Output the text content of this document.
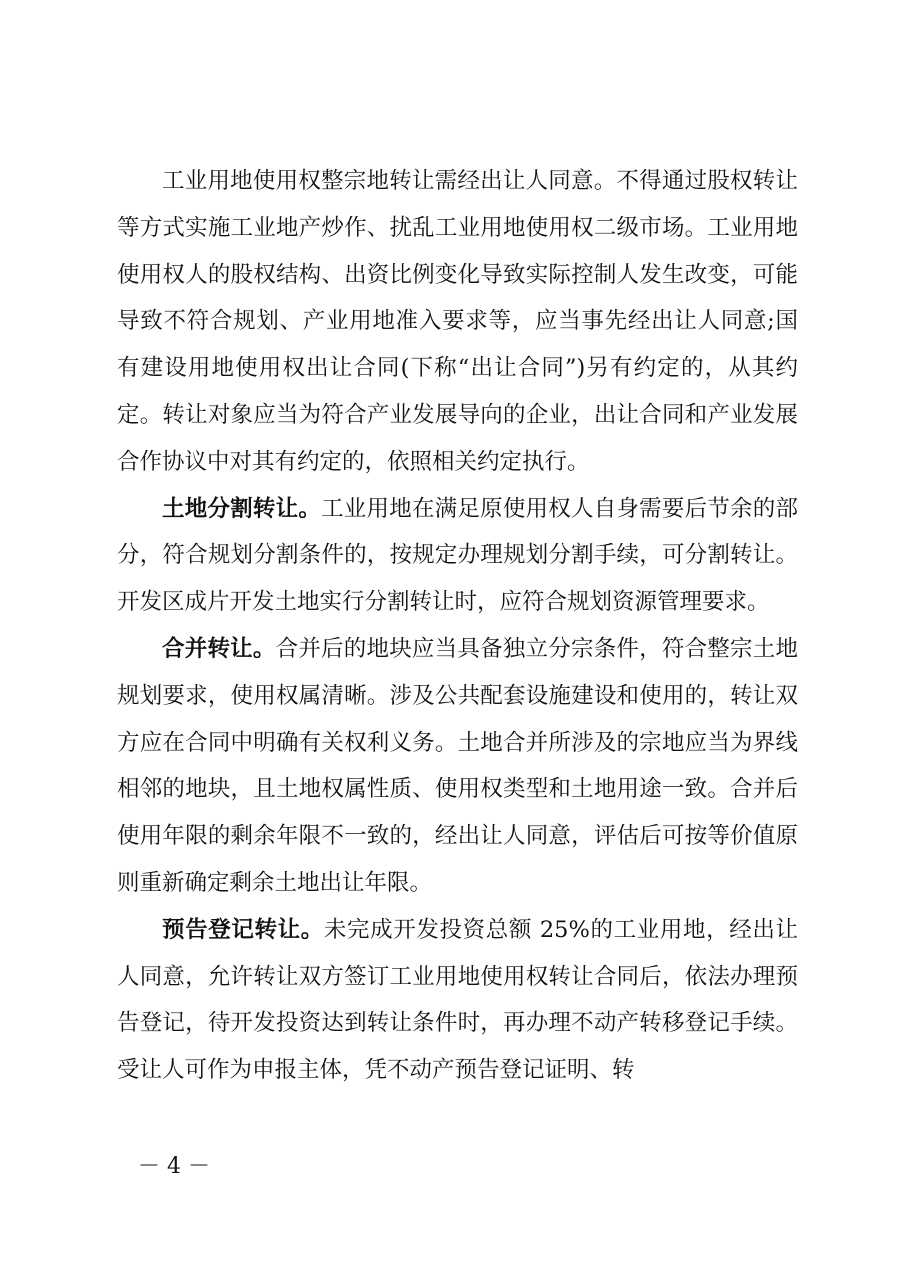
工业用地使用权整宗地转让需经出让人同意。不得通过股权转让等方式实施工业地产炒作、扰乱工业用地使用权二级市场。工业用地使用权人的股权结构、出资比例变化导致实际控制人发生改变，可能导致不符合规划、产业用地准入要求等，应当事先经出让人同意;国有建设用地使用权出让合同(下称“出让合同”)另有约定的，从其约定。转让对象应当为符合产业发展导向的企业，出让合同和产业发展合作协议中对其有约定的，依照相关约定执行。

土地分割转让。工业用地在满足原使用权人自身需要后节余的部分，符合规划分割条件的，按规定办理规划分割手续，可分割转让。开发区成片开发土地实行分割转让时，应符合规划资源管理要求。

合并转让。合并后的地块应当具备独立分宗条件，符合整宗土地规划要求，使用权属清晰。涉及公共配套设施建设和使用的，转让双方应在合同中明确有关权利义务。土地合并所涉及的宗地应当为界线相邻的地块，且土地权属性质、使用权类型和土地用途一致。合并后使用年限的剩余年限不一致的，经出让人同意，评估后可按等价值原则重新确定剩余土地出让年限。

预告登记转让。未完成开发投资总额 25%的工业用地，经出让人同意，允许转让双方签订工业用地使用权转让合同后，依法办理预告登记，待开发投资达到转让条件时，再办理不动产转移登记手续。受让人可作为申报主体，凭不动产预告登记证明、转

－ 4 －
